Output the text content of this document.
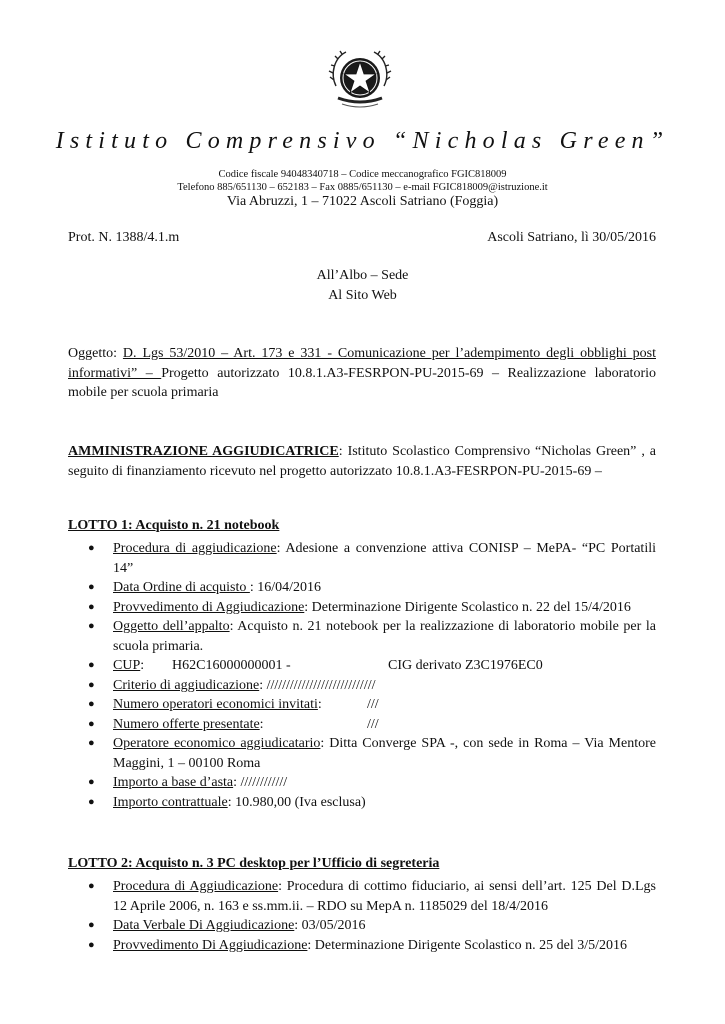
Istituto Comprensivo “Nicholas Green”
Codice fiscale 94048340718 – Codice meccanografico FGIC818009
Telefono 885/651130 – 652183 – Fax 0885/651130 – e-mail FGIC818009@istruzione.it
Via Abruzzi, 1 – 71022 Ascoli Satriano (Foggia)
Prot. N. 1388/4.1.m	Ascoli Satriano, lì 30/05/2016
All’Albo – Sede
Al Sito Web
Oggetto: D. Lgs 53/2010 – Art. 173 e 331 - Comunicazione per l’adempimento degli obblighi post informativi” – Progetto autorizzato 10.8.1.A3-FESRPON-PU-2015-69 – Realizzazione laboratorio mobile per scuola primaria
AMMINISTRAZIONE AGGIUDICATRICE: Istituto Scolastico Comprensivo “Nicholas Green” , a seguito di finanziamento ricevuto nel progetto autorizzato 10.8.1.A3-FESRPON-PU-2015-69 –
LOTTO 1: Acquisto n. 21 notebook
● Procedura di aggiudicazione: Adesione a convenzione attiva CONISP – MePA- “PC Portatili 14”
● Data Ordine di acquisto : 16/04/2016
● Provvedimento di Aggiudicazione: Determinazione Dirigente Scolastico n. 22 del 15/4/2016
● Oggetto dell’appalto: Acquisto n. 21 notebook per la realizzazione di laboratorio mobile per la scuola primaria.
● CUP: H62C16000000001 -	CIG derivato Z3C1976EC0
● Criterio di aggiudicazione: ////////////////////////////
● Numero operatori economici invitati:	///
● Numero offerte presentate:	///
● Operatore economico aggiudicatario: Ditta Converge SPA -, con sede in Roma – Via Mentore Maggini, 1 – 00100 Roma
● Importo a base d’asta: ////////////
● Importo contrattuale: 10.980,00 (Iva esclusa)
LOTTO 2: Acquisto n. 3 PC desktop per l’Ufficio di segreteria
● Procedura di Aggiudicazione: Procedura di cottimo fiduciario, ai sensi dell’art. 125 Del D.Lgs 12 Aprile 2006, n. 163 e ss.mm.ii. – RDO su MepA n. 1185029 del 18/4/2016
● Data Verbale Di Aggiudicazione: 03/05/2016
● Provvedimento Di Aggiudicazione: Determinazione Dirigente Scolastico n. 25 del 3/5/2016
